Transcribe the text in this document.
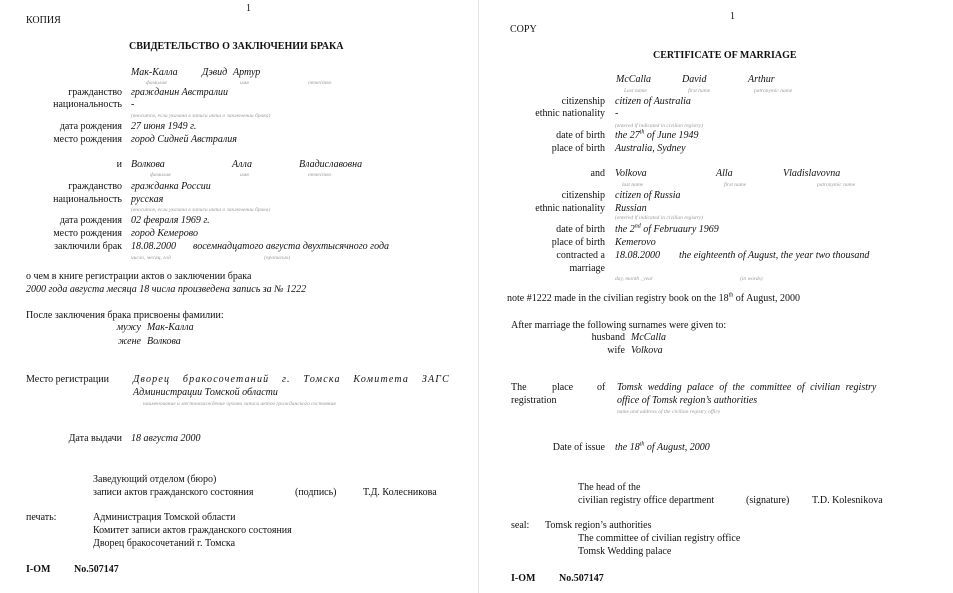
1
КОПИЯ
СВИДЕТЕЛЬСТВО О ЗАКЛЮЧЕНИИ БРАКА
Мак-Калла Дэвид Артур
фамилия	имя	отчество
гражданство гражданин Австралии
национальность -
(вносится, если указана в записи акта о заключении брака)
дата рождения 27 июня 1949 г.
место рождения город Сидней Австралия
и Волкова	Алла	Владиславовна
фамилия	имя	отчество
гражданство гражданка России
национальность русская
(вносится, если указана в записи акта о заключении брака)
дата рождения 02 февраля 1969 г.
место рождения город Кемерово
заключили брак 18.08.2000 восемнадцатого августа двухтысячного года
число, месяц, год	(прописью)
о чем в книге регистрации актов о заключении брака
2000 года августа месяца 18 числа произведена запись за № 1222
После заключения брака присвоены фамилии:
мужу Мак-Калла
жене Волкова
Место регистрации Дворец бракосочетаний г. Томска Комитета ЗАГС
Администрации Томской области
наименование и местонахождение органа записи актов гражданского состояния
Дата выдачи 18 августа 2000
Заведующий отделом (бюро)
записи актов гражданского состояния	(подпись)	Т.Д. Колесникова
печать:	Администрация Томской области
Комитет записи актов гражданского состояния
Дворец бракосочетаний г. Томска
I-ОМ No.507147
1
COPY
CERTIFICATE OF MARRIAGE
McCalla	David	Arthur
Last name	first name	patronymic name
citizenship citizen of Australia
ethnic nationality -
(entered if indicated in civilian registry)
date of birth the 27th of June 1949
place of birth Australia, Sydney
and Volkova	Alla	Vladislavovna
last name	first name	patronymic name
citizenship citizen of Russia
ethnic nationality Russian
(entered if indicated in civilian registry)
date of birth the 2nd of Februaury 1969
place of birth Kemerovo
contracted a
marriage
18.08.2000 the eighteenth of August, the year two thousand
day, month , year	(in words)
note #1222 made in the civilian registry book on the 18th of August, 2000
After marriage the following surnames were given to:
husband McCalla
wife Volkova
The	place of
registration
Tomsk wedding palace of the committee of civilian registry
office of Tomsk region’s authorities
name and address of the civilian registry office
Date of issue the 18th of August, 2000
The head of the
civilian registry office department	(signature) T.D. Kolesnikova
seal: Tomsk region’s authorities
The committee of civilian registry office
Tomsk Wedding palace
I-OM No.507147
